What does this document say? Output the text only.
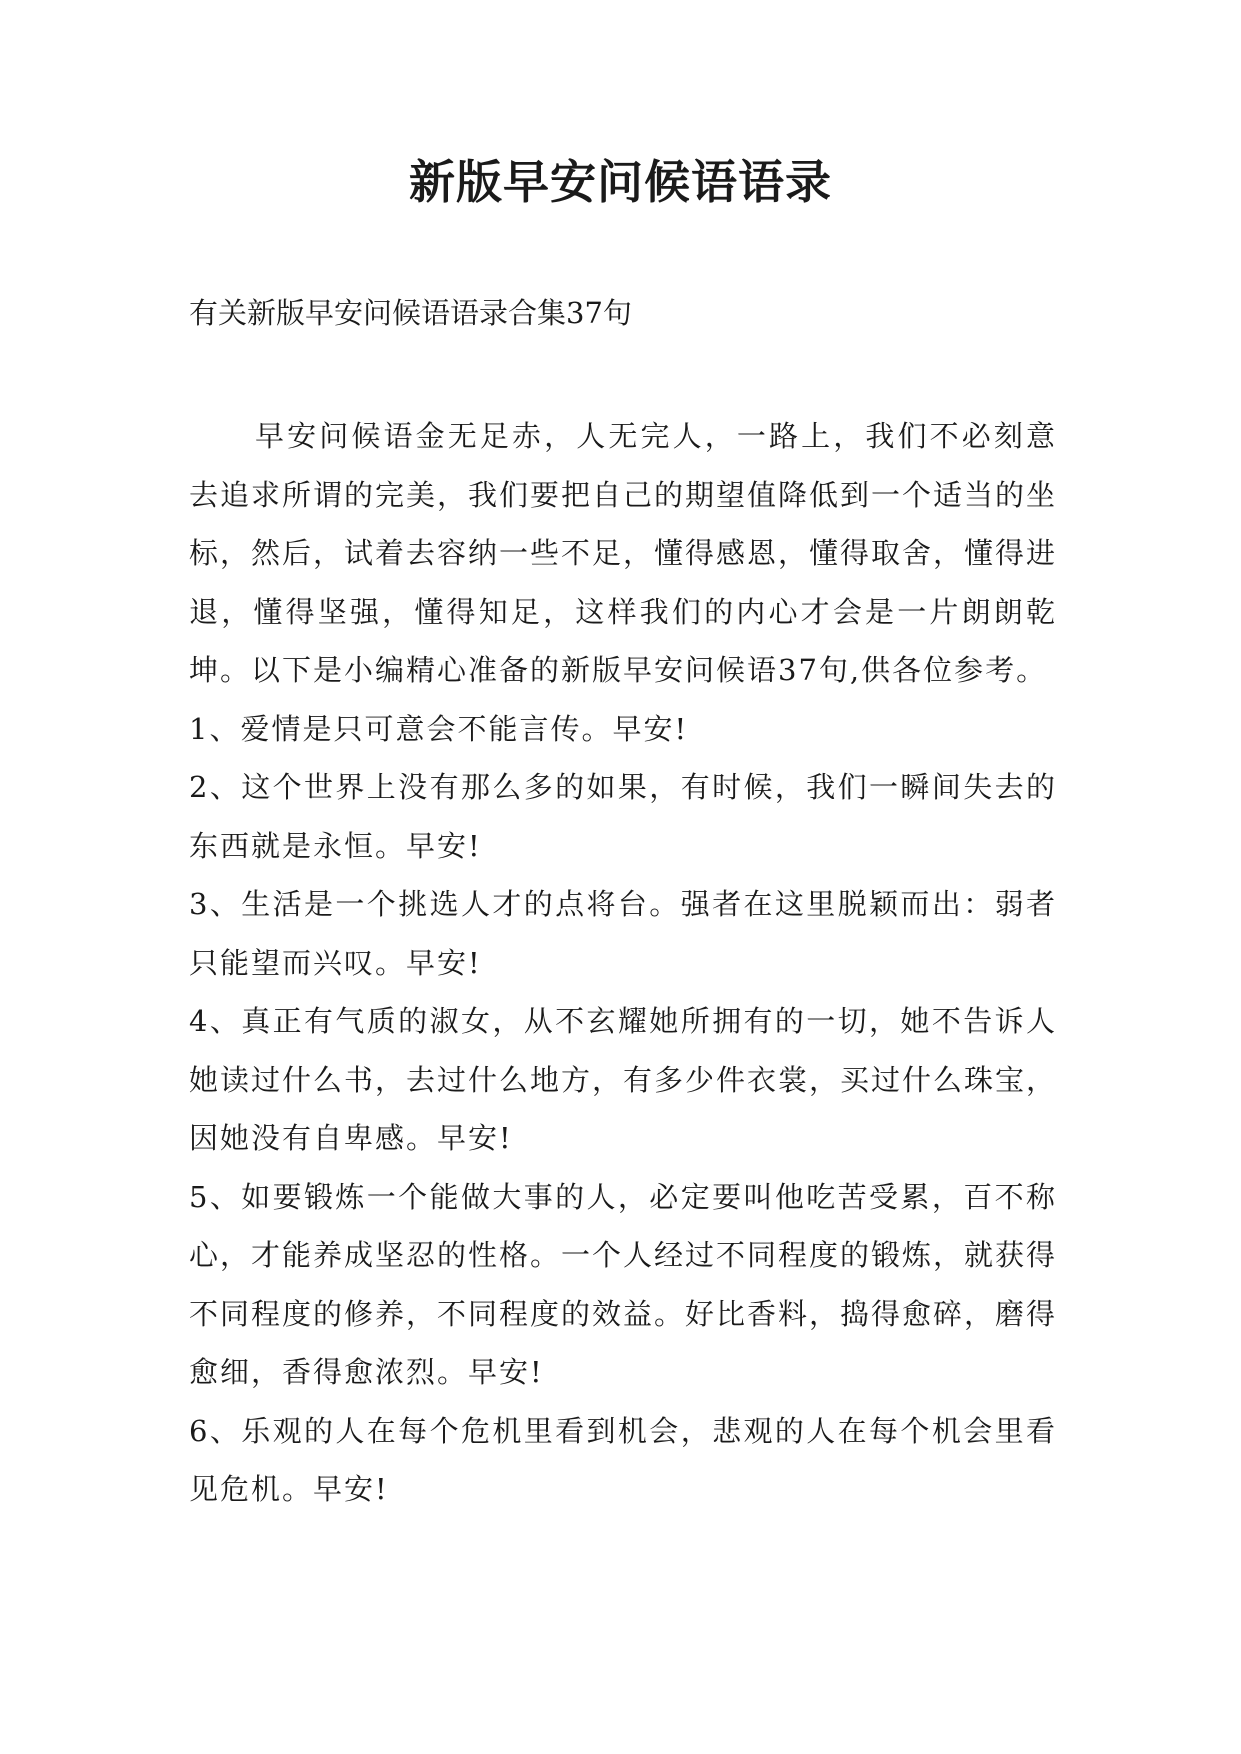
新版早安问候语语录

有关新版早安问候语语录合集37句

早安问候语金无足赤，人无完人，一路上，我们不必刻意去追求所谓的完美，我们要把自己的期望值降低到一个适当的坐标，然后，试着去容纳一些不足，懂得感恩，懂得取舍，懂得进退，懂得坚强，懂得知足，这样我们的内心才会是一片朗朗乾坤。以下是小编精心准备的新版早安问候语37句,供各位参考。

1、爱情是只可意会不能言传。早安!

2、这个世界上没有那么多的如果，有时候，我们一瞬间失去的东西就是永恒。早安!

3、生活是一个挑选人才的点将台。强者在这里脱颖而出：弱者只能望而兴叹。早安!

4、真正有气质的淑女，从不玄耀她所拥有的一切，她不告诉人她读过什么书，去过什么地方，有多少件衣裳，买过什么珠宝，因她没有自卑感。早安!

5、如要锻炼一个能做大事的人，必定要叫他吃苦受累，百不称心，才能养成坚忍的性格。一个人经过不同程度的锻炼，就获得不同程度的修养，不同程度的效益。好比香料，捣得愈碎，磨得愈细，香得愈浓烈。早安!

6、乐观的人在每个危机里看到机会，悲观的人在每个机会里看见危机。早安!
